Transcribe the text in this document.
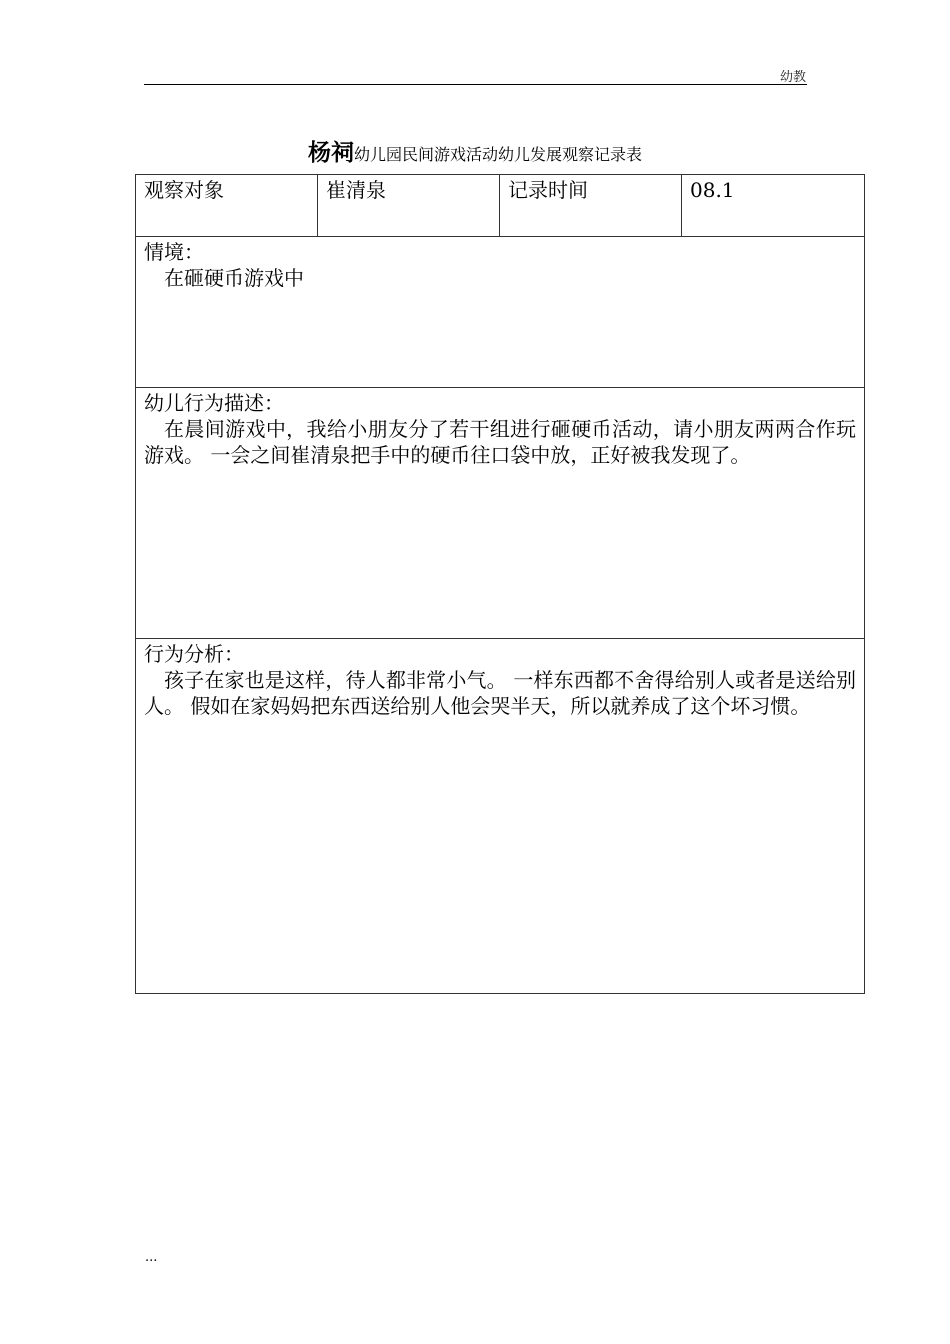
幼教
杨祠幼儿园民间游戏活动幼儿发展观察记录表
观察对象	崔清泉	记录时间	08.1

情境：
在砸硬币游戏中

幼儿行为描述：
在晨间游戏中，我给小朋友分了若干组进行砸硬币活动，请小朋友两两合作玩游戏。 一会之间崔清泉把手中的硬币往口袋中放，正好被我发现了。

行为分析：
孩子在家也是这样，待人都非常小气。 一样东西都不舍得给别人或者是送给别人。 假如在家妈妈把东西送给别人他会哭半天，所以就养成了这个坏习惯。
...
